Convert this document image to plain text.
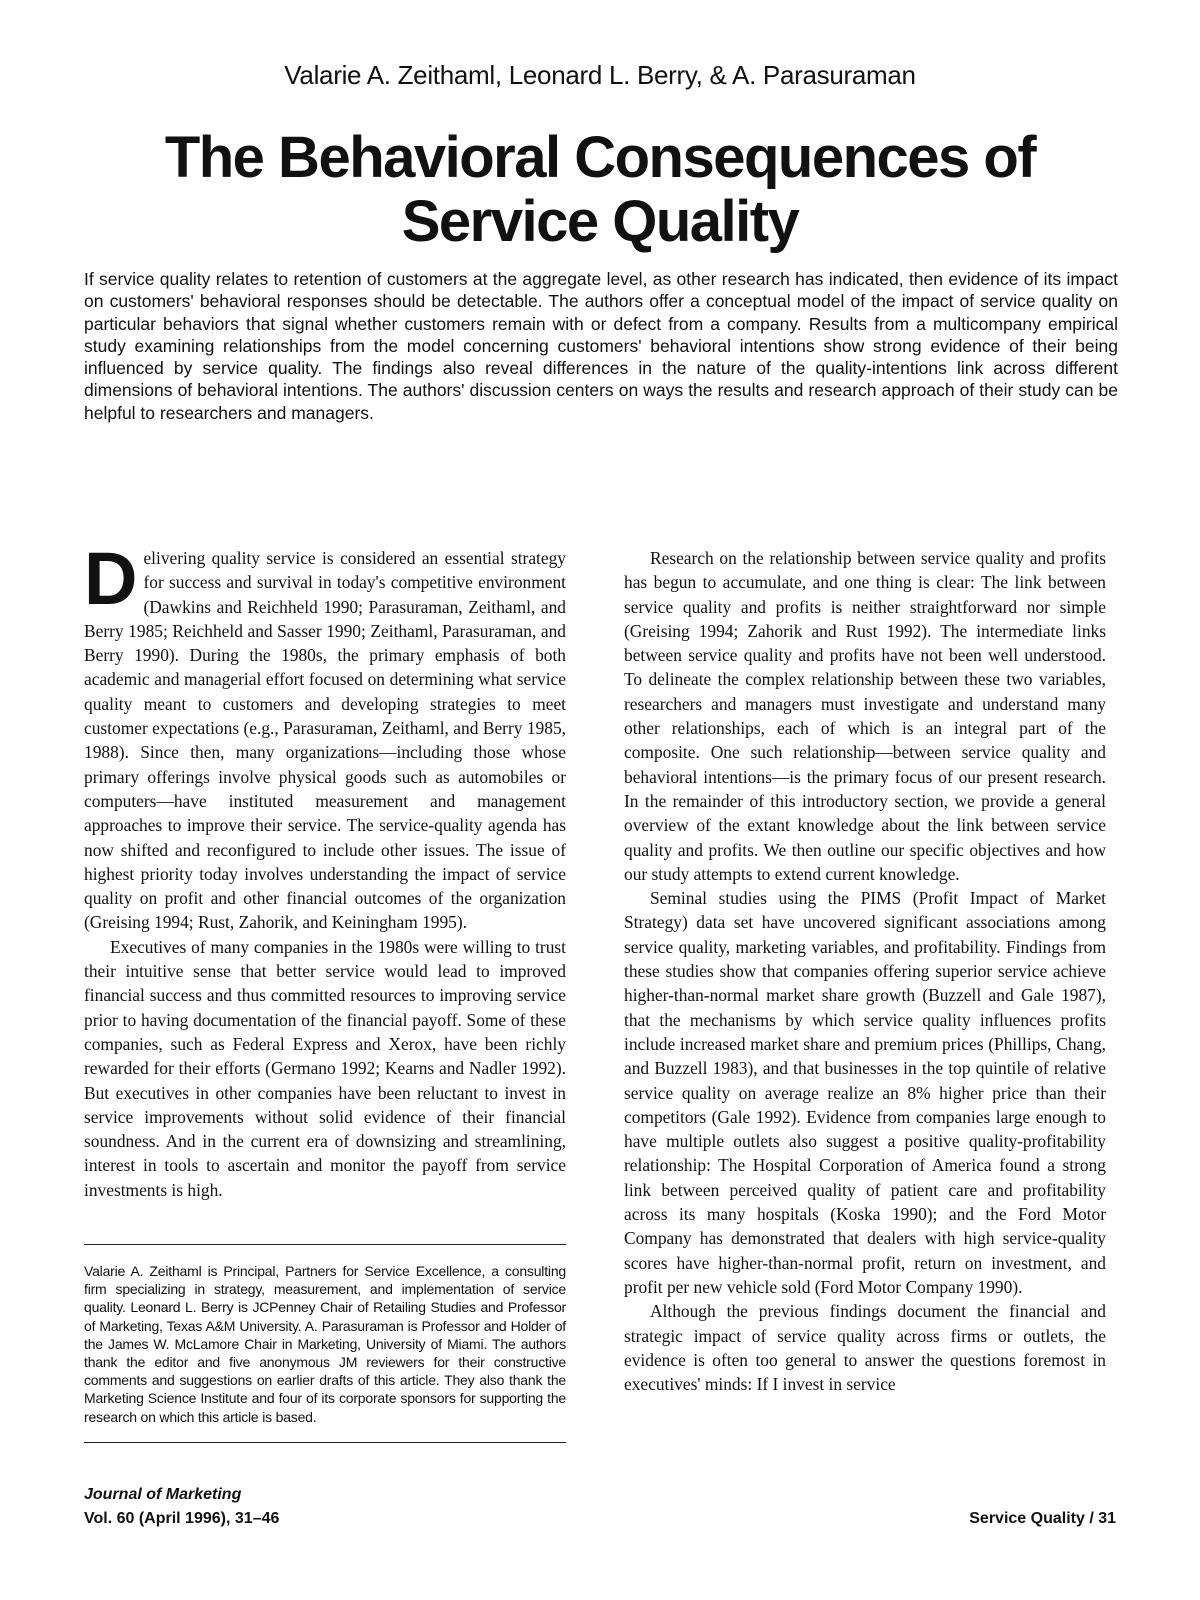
Valarie A. Zeithaml, Leonard L. Berry, & A. Parasuraman
The Behavioral Consequences of
Service Quality

If service quality relates to retention of customers at the aggregate level, as other research has indicated, then evidence of its impact on customers' behavioral responses should be detectable. The authors offer a conceptual model of the impact of service quality on particular behaviors that signal whether customers remain with or defect from a company. Results from a multicompany empirical study examining relationships from the model concerning customers' behavioral intentions show strong evidence of their being influenced by service quality. The findings also reveal differences in the nature of the quality-intentions link across different dimensions of behavioral intentions. The authors' discussion centers on ways the results and research approach of their study can be helpful to researchers and managers.

Delivering quality service is considered an essential strategy for success and survival in today's competitive environment (Dawkins and Reichheld 1990; Parasuraman, Zeithaml, and Berry 1985; Reichheld and Sasser 1990; Zeithaml, Parasuraman, and Berry 1990). During the 1980s, the primary emphasis of both academic and managerial effort focused on determining what service quality meant to customers and developing strategies to meet customer expectations (e.g., Parasuraman, Zeithaml, and Berry 1985, 1988). Since then, many organizations—including those whose primary offerings involve physical goods such as automobiles or computers—have instituted measurement and management approaches to improve their service. The service-quality agenda has now shifted and reconfigured to include other issues. The issue of highest priority today involves understanding the impact of service quality on profit and other financial outcomes of the organization (Greising 1994; Rust, Zahorik, and Keiningham 1995).

Executives of many companies in the 1980s were willing to trust their intuitive sense that better service would lead to improved financial success and thus committed resources to improving service prior to having documentation of the financial payoff. Some of these companies, such as Federal Express and Xerox, have been richly rewarded for their efforts (Germano 1992; Kearns and Nadler 1992). But executives in other companies have been reluctant to invest in service improvements without solid evidence of their financial soundness. And in the current era of downsizing and streamlining, interest in tools to ascertain and monitor the payoff from service investments is high.

Valarie A. Zeithaml is Principal, Partners for Service Excellence, a consulting firm specializing in strategy, measurement, and implementation of service quality. Leonard L. Berry is JCPenney Chair of Retailing Studies and Professor of Marketing, Texas A&M University. A. Parasuraman is Professor and Holder of the James W. McLamore Chair in Marketing, University of Miami. The authors thank the editor and five anonymous JM reviewers for their constructive comments and suggestions on earlier drafts of this article. They also thank the Marketing Science Institute and four of its corporate sponsors for supporting the research on which this article is based.

Research on the relationship between service quality and profits has begun to accumulate, and one thing is clear: The link between service quality and profits is neither straightforward nor simple (Greising 1994; Zahorik and Rust 1992). The intermediate links between service quality and profits have not been well understood. To delineate the complex relationship between these two variables, researchers and managers must investigate and understand many other relationships, each of which is an integral part of the composite. One such relationship—between service quality and behavioral intentions—is the primary focus of our present research. In the remainder of this introductory section, we provide a general overview of the extant knowledge about the link between service quality and profits. We then outline our specific objectives and how our study attempts to extend current knowledge.

Seminal studies using the PIMS (Profit Impact of Market Strategy) data set have uncovered significant associations among service quality, marketing variables, and profitability. Findings from these studies show that companies offering superior service achieve higher-than-normal market share growth (Buzzell and Gale 1987), that the mechanisms by which service quality influences profits include increased market share and premium prices (Phillips, Chang, and Buzzell 1983), and that businesses in the top quintile of relative service quality on average realize an 8% higher price than their competitors (Gale 1992). Evidence from companies large enough to have multiple outlets also suggest a positive quality-profitability relationship: The Hospital Corporation of America found a strong link between perceived quality of patient care and profitability across its many hospitals (Koska 1990); and the Ford Motor Company has demonstrated that dealers with high service-quality scores have higher-than-normal profit, return on investment, and profit per new vehicle sold (Ford Motor Company 1990).

Although the previous findings document the financial and strategic impact of service quality across firms or outlets, the evidence is often too general to answer the questions foremost in executives' minds: If I invest in service

Journal of Marketing
Vol. 60 (April 1996), 31–46	Service Quality / 31
